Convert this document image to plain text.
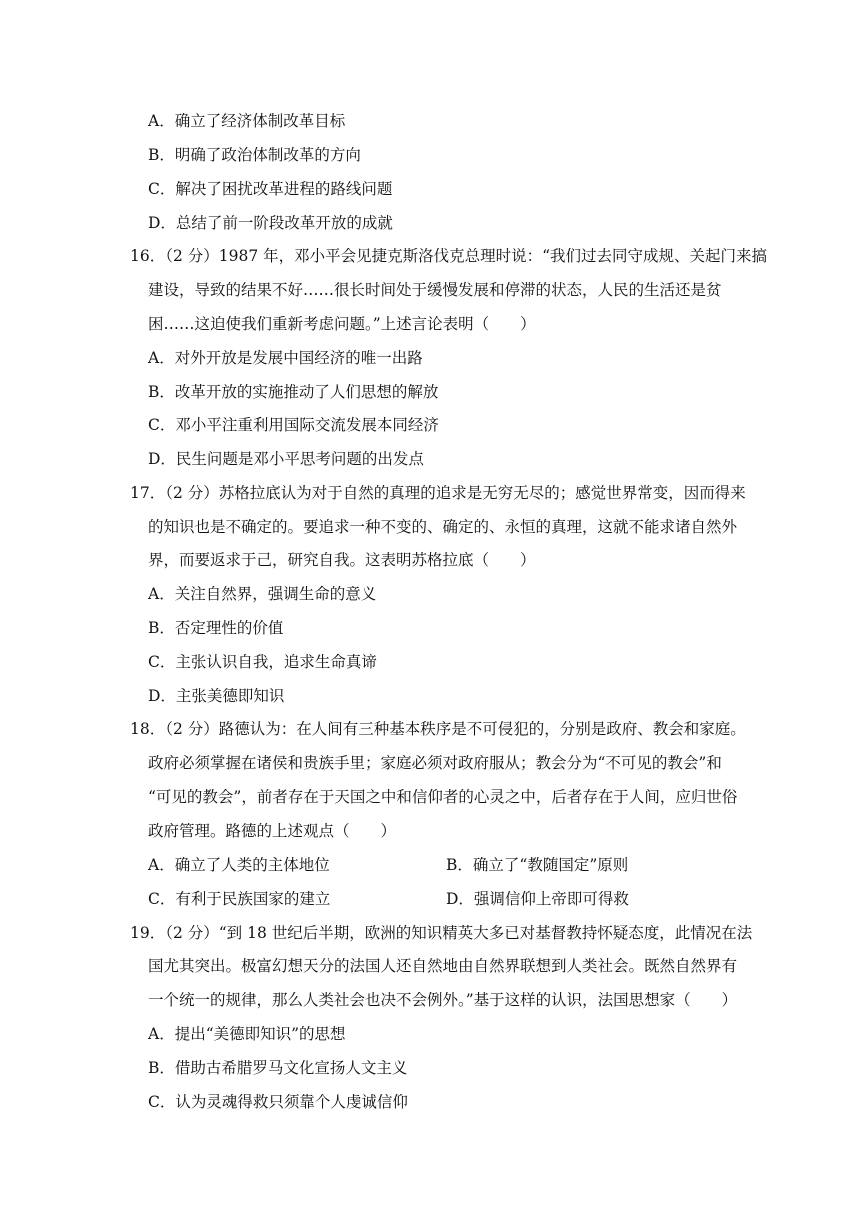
A．确立了经济体制改革目标
B．明确了政治体制改革的方向
C．解决了困扰改革进程的路线问题
D．总结了前一阶段改革开放的成就
16．（2 分）1987 年，邓小平会见捷克斯洛伐克总理时说：“我们过去同守成规、关起门来搞
建设，导致的结果不好……很长时间处于缓慢发展和停滞的状态，人民的生活还是贫
困……这迫使我们重新考虑问题。”上述言论表明（　　）
A．对外开放是发展中国经济的唯一出路
B．改革开放的实施推动了人们思想的解放
C．邓小平注重利用国际交流发展本同经济
D．民生问题是邓小平思考问题的出发点
17．（2 分）苏格拉底认为对于自然的真理的追求是无穷无尽的；感觉世界常变，因而得来
的知识也是不确定的。要追求一种不变的、确定的、永恒的真理，这就不能求诸自然外
界，而要返求于己，研究自我。这表明苏格拉底（　　）
A．关注自然界，强调生命的意义
B．否定理性的价值
C．主张认识自我，追求生命真谛
D．主张美德即知识
18．（2 分）路德认为：在人间有三种基本秩序是不可侵犯的，分别是政府、教会和家庭。
政府必须掌握在诸侯和贵族手里；家庭必须对政府服从；教会分为“不可见的教会”和
“可见的教会”，前者存在于天国之中和信仰者的心灵之中，后者存在于人间，应归世俗
政府管理。路德的上述观点（　　）
A．确立了人类的主体地位	B．确立了“教随国定”原则
C．有利于民族国家的建立	D．强调信仰上帝即可得救
19．（2 分）“到 18 世纪后半期，欧洲的知识精英大多已对基督教持怀疑态度，此情况在法
国尤其突出。极富幻想天分的法国人还自然地由自然界联想到人类社会。既然自然界有
一个统一的规律，那么人类社会也决不会例外。”基于这样的认识，法国思想家（　　）
A．提出“美德即知识”的思想
B．借助古希腊罗马文化宣扬人文主义
C．认为灵魂得救只须靠个人虔诚信仰
